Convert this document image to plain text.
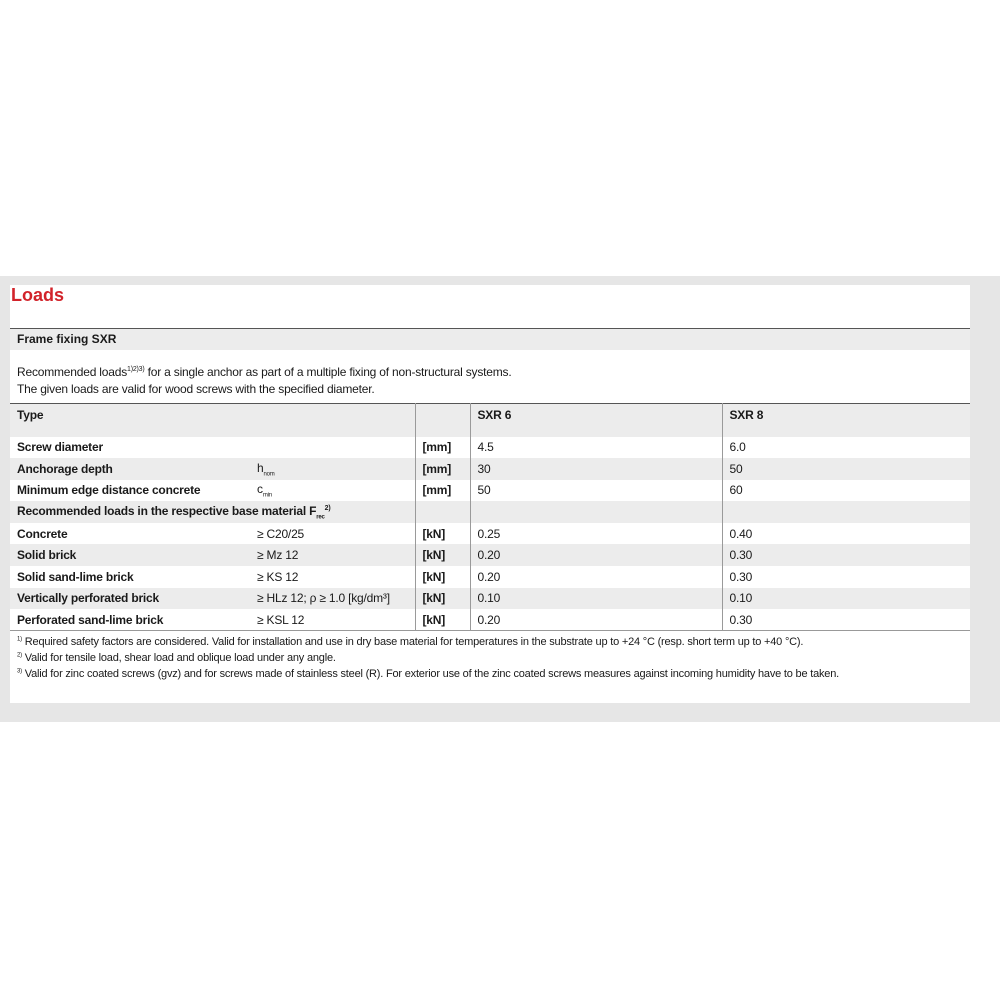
Loads
Frame fixing SXR
Recommended loads$^{1)2)3)}$ for a single anchor as part of a multiple fixing of non-structural systems.
The given loads are valid for wood screws with the specified diameter.
Type			SXR 6	SXR 8
Screw diameter		[mm]	4.5	6.0
Anchorage depth	$h_{nom}$	[mm]	30	50
Minimum edge distance concrete	$c_{min}$	[mm]	50	60
Recommended loads in the respective base material $F_{rec}^{2)}$			
Concrete	≥ C20/25	[kN]	0.25	0.40
Solid brick	≥ Mz 12	[kN]	0.20	0.30
Solid sand-lime brick	≥ KS 12	[kN]	0.20	0.30
Vertically perforated brick	≥ HLz 12; ρ ≥ 1.0 [kg/dm³]	[kN]	0.10	0.10
Perforated sand-lime brick	≥ KSL 12	[kN]	0.20	0.30
$^{1)}$ Required safety factors are considered. Valid for installation and use in dry base material for temperatures in the substrate up to +24 °C (resp. short term up to +40 °C).
$^{2)}$ Valid for tensile load, shear load and oblique load under any angle.
$^{3)}$ Valid for zinc coated screws (gvz) and for screws made of stainless steel (R). For exterior use of the zinc coated screws measures against incoming humidity have to be taken.
